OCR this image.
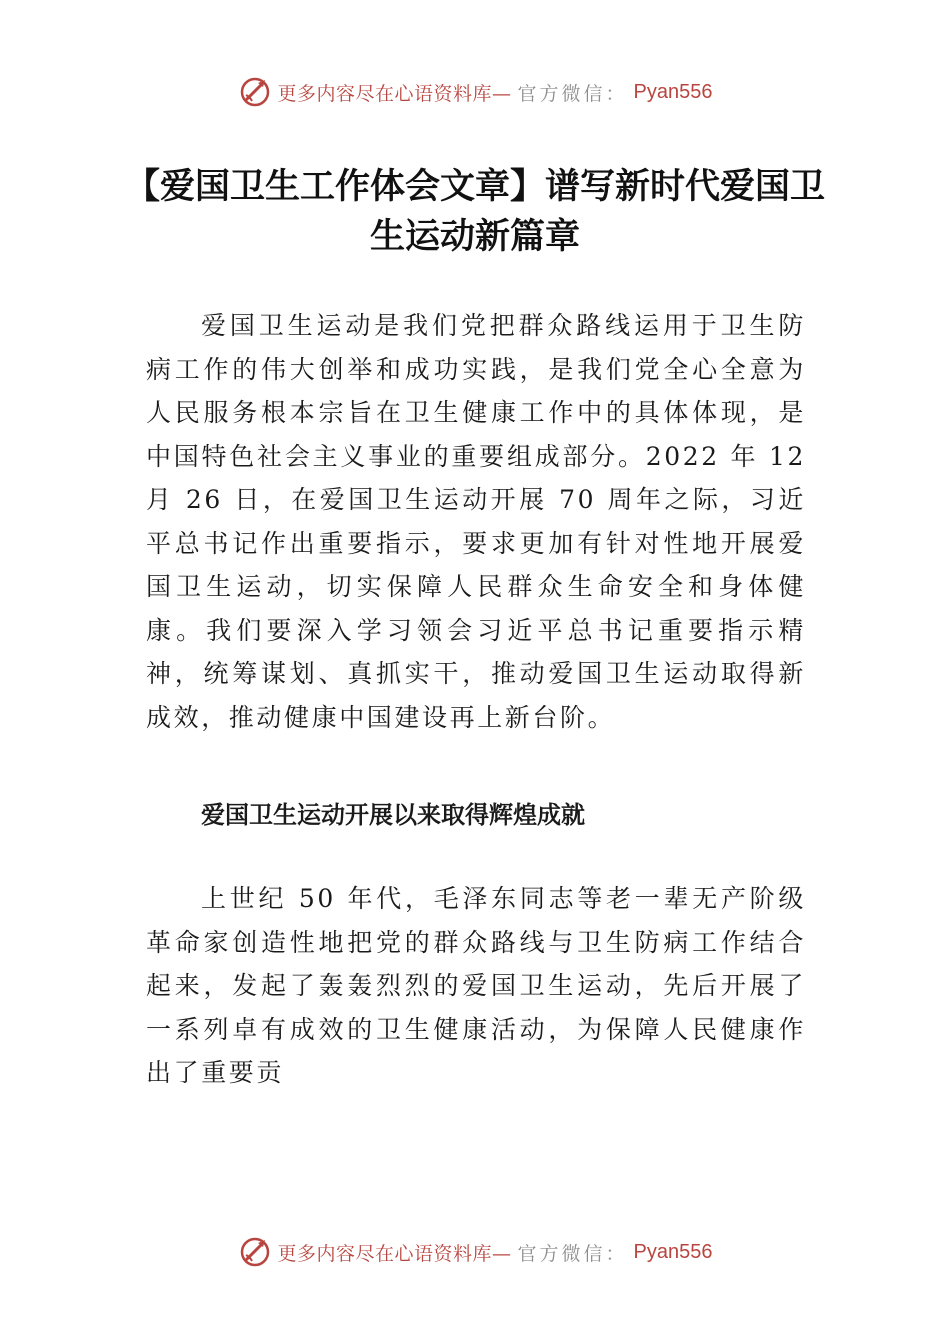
更多内容尽在心语资料库— 官方微信： Pyan556
【爱国卫生工作体会文章】谱写新时代爱国卫生运动新篇章

爱国卫生运动是我们党把群众路线运用于卫生防病工作的伟大创举和成功实践，是我们党全心全意为人民服务根本宗旨在卫生健康工作中的具体体现，是中国特色社会主义事业的重要组成部分。2022 年 12 月 26 日，在爱国卫生运动开展 70 周年之际，习近平总书记作出重要指示，要求更加有针对性地开展爱国卫生运动，切实保障人民群众生命安全和身体健康。我们要深入学习领会习近平总书记重要指示精神，统筹谋划、真抓实干，推动爱国卫生运动取得新成效，推动健康中国建设再上新台阶。

爱国卫生运动开展以来取得辉煌成就

上世纪 50 年代，毛泽东同志等老一辈无产阶级革命家创造性地把党的群众路线与卫生防病工作结合起来，发起了轰轰烈烈的爱国卫生运动，先后开展了一系列卓有成效的卫生健康活动，为保障人民健康作出了重要贡

更多内容尽在心语资料库— 官方微信： Pyan556
